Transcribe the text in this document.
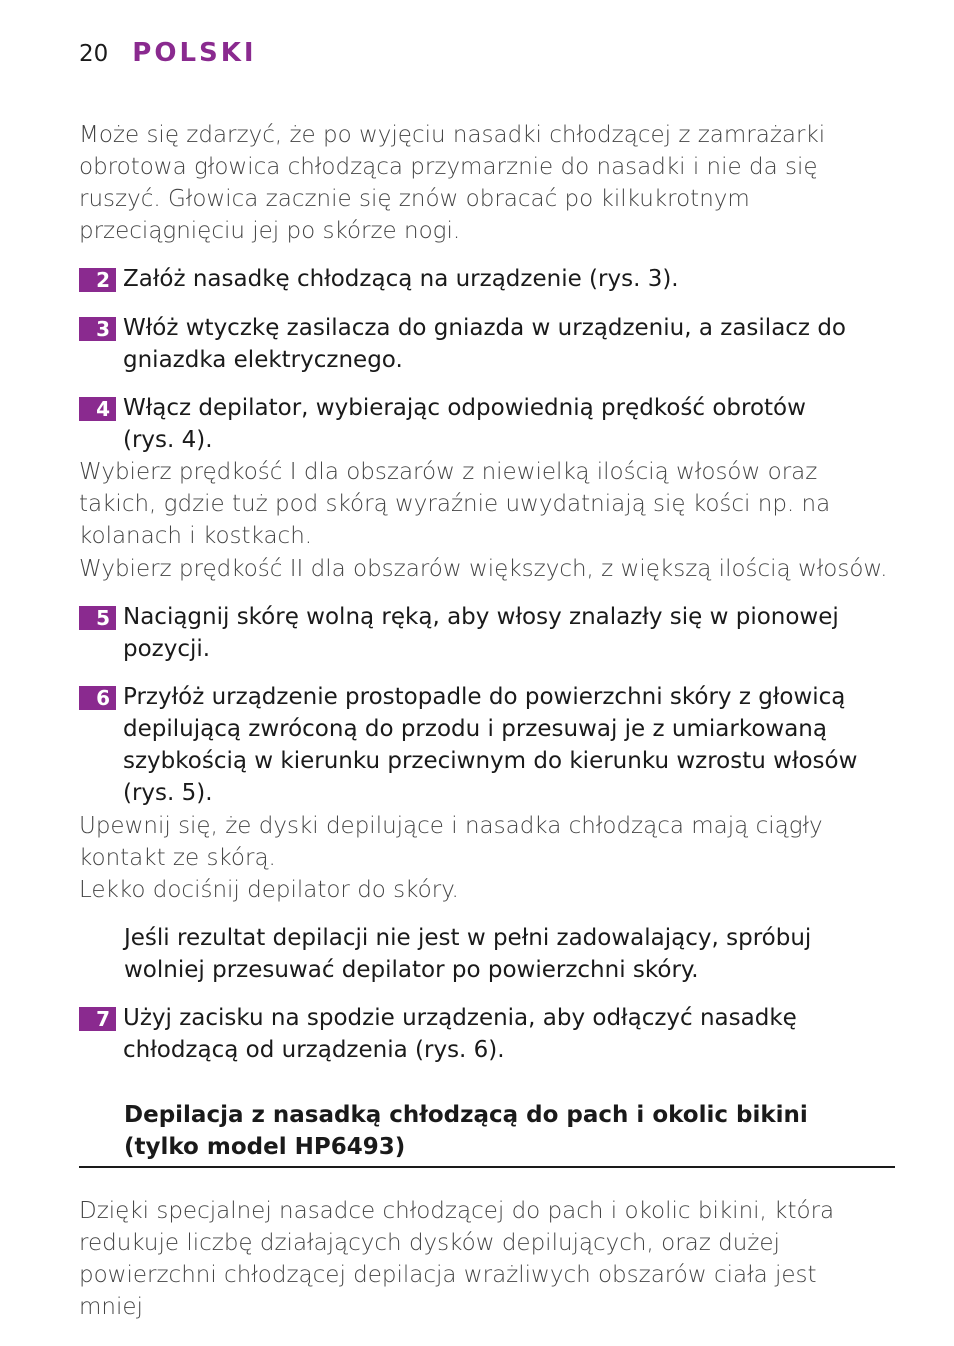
20 POLSKI
Może się zdarzyć, że po wyjęciu nasadki chłodzącej z zamrażarki obrotowa głowica chłodząca przymarznie do nasadki i nie da się ruszyć. Głowica zacznie się znów obracać po kilkukrotnym przeciągnięciu jej po skórze nogi.
2 Załóż nasadkę chłodzącą na urządzenie (rys. 3).
3 Włóż wtyczkę zasilacza do gniazda w urządzeniu, a zasilacz do gniazdka elektrycznego.
4 Włącz depilator, wybierając odpowiednią prędkość obrotów (rys. 4).
Wybierz prędkość I dla obszarów z niewielką ilością włosów oraz takich, gdzie tuż pod skórą wyraźnie uwydatniają się kości np. na kolanach i kostkach.
Wybierz prędkość II dla obszarów większych, z większą ilością włosów.
5 Naciągnij skórę wolną ręką, aby włosy znalazły się w pionowej pozycji.
6 Przyłóż urządzenie prostopadle do powierzchni skóry z głowicą depilującą zwróconą do przodu i przesuwaj je z umiarkowaną szybkością w kierunku przeciwnym do kierunku wzrostu włosów (rys. 5).
Upewnij się, że dyski depilujące i nasadka chłodząca mają ciągły kontakt ze skórą.
Lekko dociśnij depilator do skóry.
Jeśli rezultat depilacji nie jest w pełni zadowalający, spróbuj wolniej przesuwać depilator po powierzchni skóry.
7 Użyj zacisku na spodzie urządzenia, aby odłączyć nasadkę chłodzącą od urządzenia (rys. 6).
Depilacja z nasadką chłodzącą do pach i okolic bikini (tylko model HP6493)
Dzięki specjalnej nasadce chłodzącej do pach i okolic bikini, która redukuje liczbę działających dysków depilujących, oraz dużej powierzchni chłodzącej depilacja wrażliwych obszarów ciała jest mniej
